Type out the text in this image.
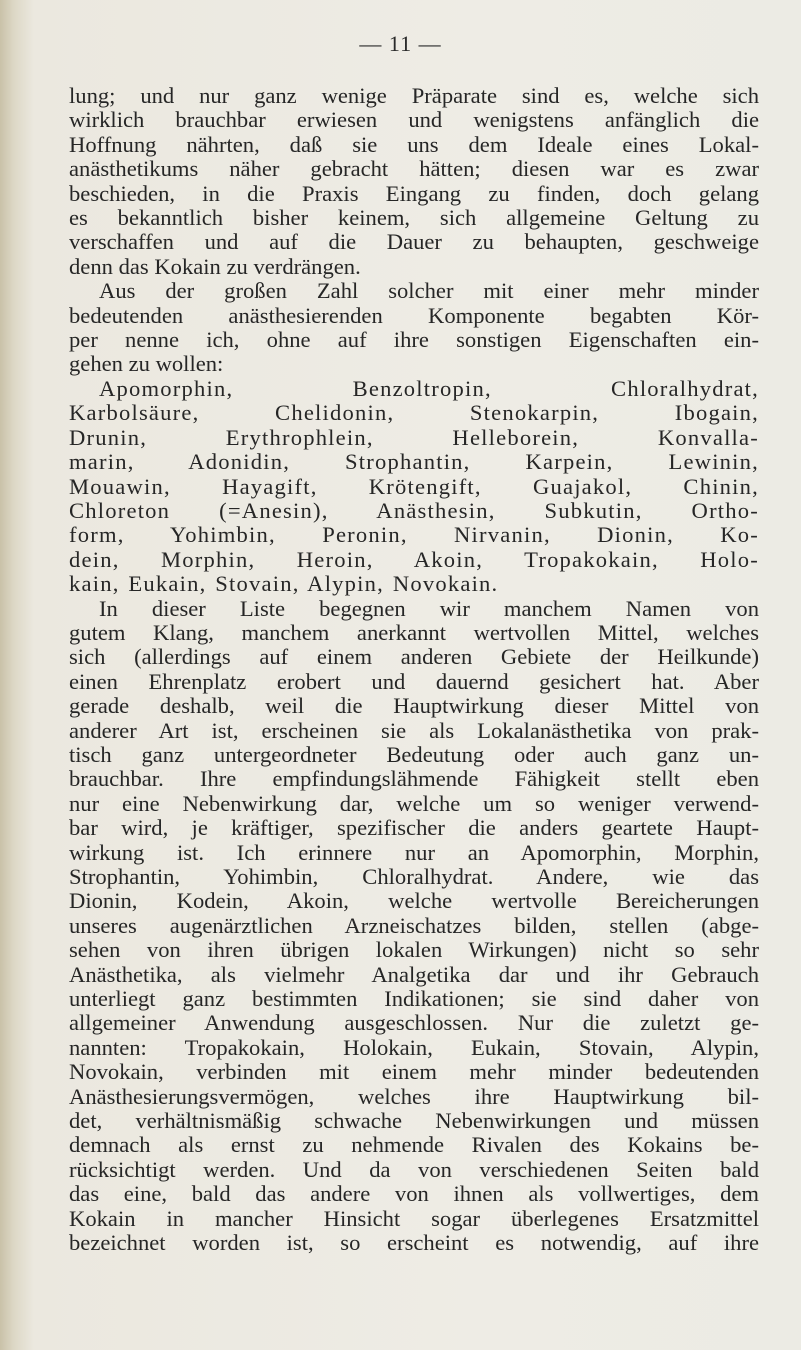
— 11 —

lung; und nur ganz wenige Präparate sind es, welche sich

wirklich brauchbar erwiesen und wenigstens anfänglich die

Hoffnung nährten, daß sie uns dem Ideale eines Lokal-

anästhetikums näher gebracht hätten; diesen war es zwar

beschieden, in die Praxis Eingang zu finden, doch gelang

es bekanntlich bisher keinem, sich allgemeine Geltung zu

verschaffen und auf die Dauer zu behaupten, geschweige

denn das Kokain zu verdrängen.

Aus der großen Zahl solcher mit einer mehr minder

bedeutenden anästhesierenden Komponente begabten Kör-

per nenne ich, ohne auf ihre sonstigen Eigenschaften ein-

gehen zu wollen:

Apomorphin, Benzoltropin, Chloralhydrat,

Karbolsäure, Chelidonin, Stenokarpin, Ibogain,

Drunin, Erythrophlein, Helleborein, Konvalla-

marin, Adonidin, Strophantin, Karpein, Lewinin,

Mouawin, Hayagift, Krötengift, Guajakol, Chinin,

Chloreton (=Anesin), Anästhesin, Subkutin, Ortho-

form, Yohimbin, Peronin, Nirvanin, Dionin, Ko-

dein, Morphin, Heroin, Akoin, Tropakokain, Holo-

kain, Eukain, Stovain, Alypin, Novokain.

In dieser Liste begegnen wir manchem Namen von

gutem Klang, manchem anerkannt wertvollen Mittel, welches

sich (allerdings auf einem anderen Gebiete der Heilkunde)

einen Ehrenplatz erobert und dauernd gesichert hat. Aber

gerade deshalb, weil die Hauptwirkung dieser Mittel von

anderer Art ist, erscheinen sie als Lokalanästhetika von prak-

tisch ganz untergeordneter Bedeutung oder auch ganz un-

brauchbar. Ihre empfindungslähmende Fähigkeit stellt eben

nur eine Nebenwirkung dar, welche um so weniger verwend-

bar wird, je kräftiger, spezifischer die anders geartete Haupt-

wirkung ist. Ich erinnere nur an Apomorphin, Morphin,

Strophantin, Yohimbin, Chloralhydrat. Andere, wie das

Dionin, Kodein, Akoin, welche wertvolle Bereicherungen

unseres augenärztlichen Arzneischatzes bilden, stellen (abge-

sehen von ihren übrigen lokalen Wirkungen) nicht so sehr

Anästhetika, als vielmehr Analgetika dar und ihr Gebrauch

unterliegt ganz bestimmten Indikationen; sie sind daher von

allgemeiner Anwendung ausgeschlossen. Nur die zuletzt ge-

nannten: Tropakokain, Holokain, Eukain, Stovain, Alypin,

Novokain, verbinden mit einem mehr minder bedeutenden

Anästhesierungsvermögen, welches ihre Hauptwirkung bil-

det, verhältnismäßig schwache Nebenwirkungen und müssen

demnach als ernst zu nehmende Rivalen des Kokains be-

rücksichtigt werden. Und da von verschiedenen Seiten bald

das eine, bald das andere von ihnen als vollwertiges, dem

Kokain in mancher Hinsicht sogar überlegenes Ersatzmittel

bezeichnet worden ist, so erscheint es notwendig, auf ihre
